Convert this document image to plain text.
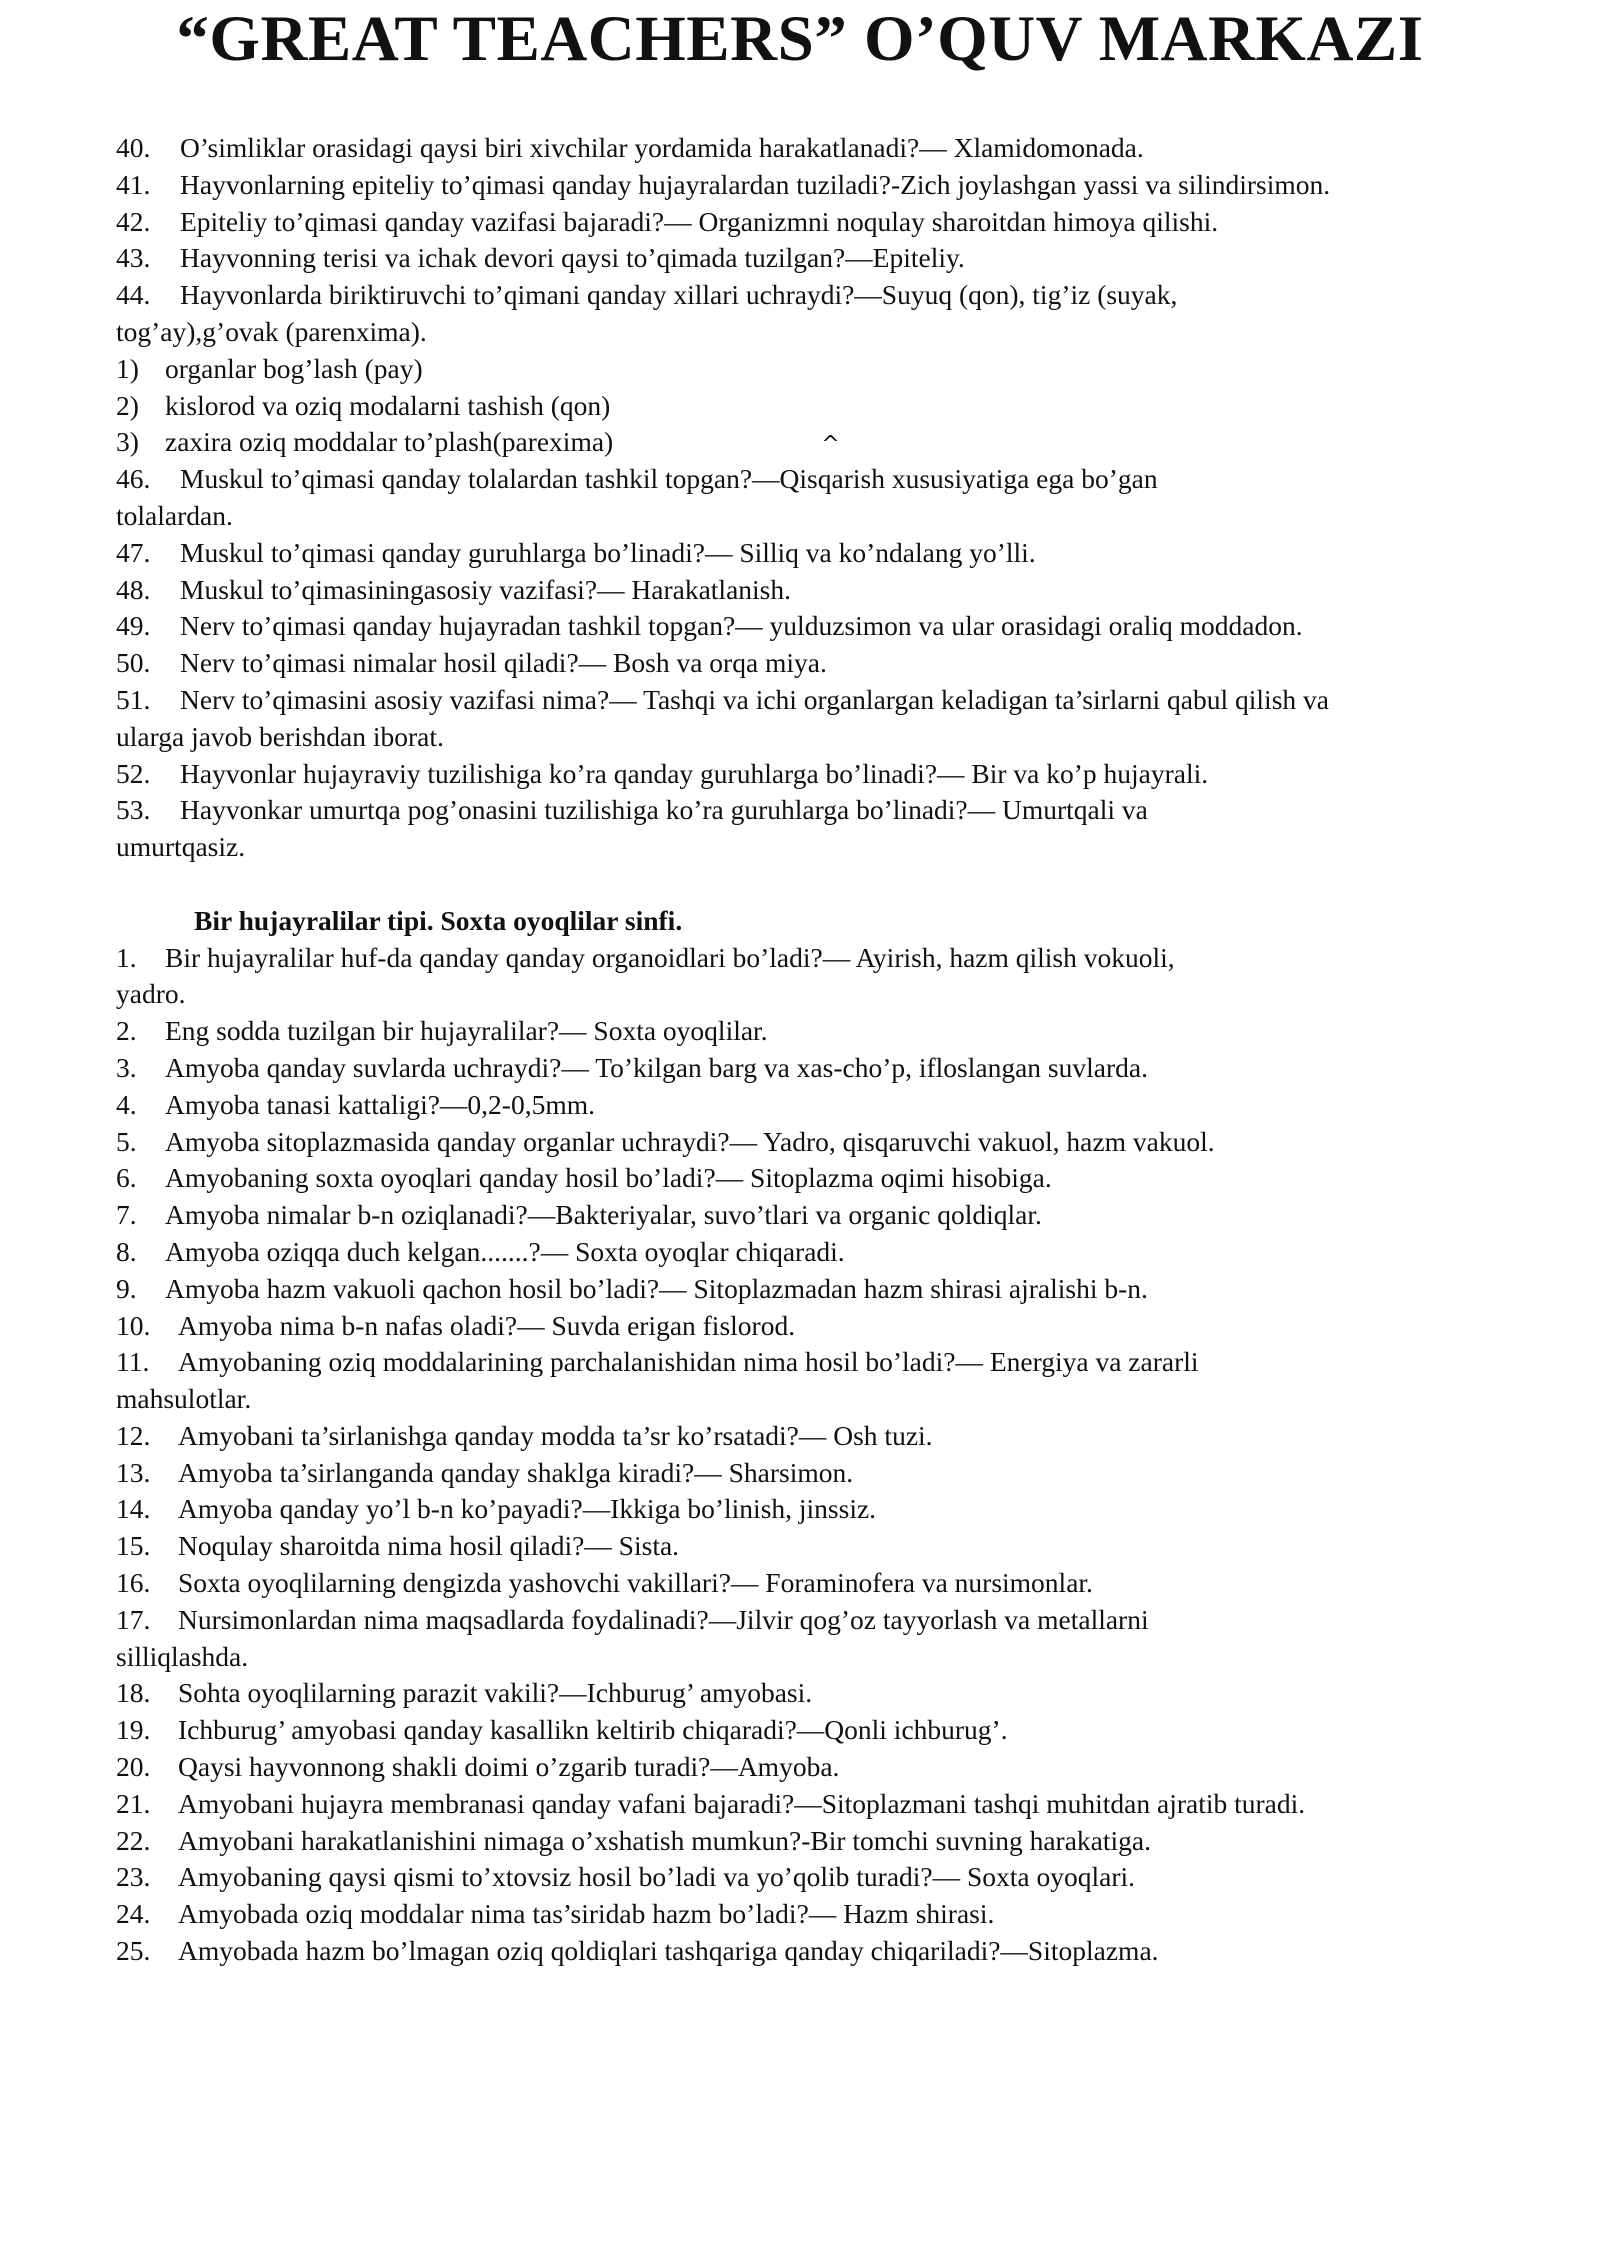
“GREAT TEACHERS” O’QUV MARKAZI
40. O’simliklar orasidagi qaysi biri xivchilar yordamida harakatlanadi?— Xlamidomonada.
41. Hayvonlarning epiteliy to’qimasi qanday hujayralardan tuziladi?-Zich joylashgan yassi va silindirsimon.
42. Epiteliy to’qimasi qanday vazifasi bajaradi?— Organizmni noqulay sharoitdan himoya qilishi.
43. Hayvonning terisi va ichak devori qaysi to’qimada tuzilgan?—Epiteliy.
44. Hayvonlarda biriktiruvchi to’qimani qanday xillari uchraydi?—Suyuq (qon), tig’iz (suyak,
tog’ay),g’ovak (parenxima).
1) organlar bog’lash (pay)
2) kislorod va oziq modalarni tashish (qon)
3) zaxira oziq moddalar to’plash(parexima)	^
46. Muskul to’qimasi qanday tolalardan tashkil topgan?—Qisqarish xususiyatiga ega bo’gan
tolalardan.
47. Muskul to’qimasi qanday guruhlarga bo’linadi?— Silliq va ko’ndalang yo’lli.
48. Muskul to’qimasiningasosiy vazifasi?— Harakatlanish.
49. Nerv to’qimasi qanday hujayradan tashkil topgan?— yulduzsimon va ular orasidagi oraliq moddadon.
50. Nerv to’qimasi nimalar hosil qiladi?— Bosh va orqa miya.
51. Nerv to’qimasini asosiy vazifasi nima?— Tashqi va ichi organlargan keladigan ta’sirlarni qabul qilish va
ularga javob berishdan iborat.
52. Hayvonlar hujayraviy tuzilishiga ko’ra qanday guruhlarga bo’linadi?— Bir va ko’p hujayrali.
53. Hayvonkar umurtqa pog’onasini tuzilishiga ko’ra guruhlarga bo’linadi?— Umurtqali va
umurtqasiz.
Bir hujayralilar tipi. Soxta oyoqlilar sinfi.
1. Bir hujayralilar huf-da qanday qanday organoidlari bo’ladi?— Ayirish, hazm qilish vokuoli,
yadro.
2. Eng sodda tuzilgan bir hujayralilar?— Soxta oyoqlilar.
3. Amyoba qanday suvlarda uchraydi?— To’kilgan barg va xas-cho’p, ifloslangan suvlarda.
4. Amyoba tanasi kattaligi?—0,2-0,5mm.
5. Amyoba sitoplazmasida qanday organlar uchraydi?— Yadro, qisqaruvchi vakuol, hazm vakuol.
6. Amyobaning soxta oyoqlari qanday hosil bo’ladi?— Sitoplazma oqimi hisobiga.
7. Amyoba nimalar b-n oziqlanadi?—Bakteriyalar, suvo’tlari va organic qoldiqlar.
8. Amyoba oziqqa duch kelgan.......?— Soxta oyoqlar chiqaradi.
9. Amyoba hazm vakuoli qachon hosil bo’ladi?— Sitoplazmadan hazm shirasi ajralishi b-n.
10. Amyoba nima b-n nafas oladi?— Suvda erigan fislorod.
11. Amyobaning oziq moddalarining parchalanishidan nima hosil bo’ladi?— Energiya va zararli
mahsulotlar.
12. Amyobani ta’sirlanishga qanday modda ta’sr ko’rsatadi?— Osh tuzi.
13. Amyoba ta’sirlanganda qanday shaklga kiradi?— Sharsimon.
14. Amyoba qanday yo’l b-n ko’payadi?—Ikkiga bo’linish, jinssiz.
15. Noqulay sharoitda nima hosil qiladi?— Sista.
16. Soxta oyoqlilarning dengizda yashovchi vakillari?— Foraminofera va nursimonlar.
17. Nursimonlardan nima maqsadlarda foydalinadi?—Jilvir qog’oz tayyorlash va metallarni
silliqlashda.
18. Sohta oyoqlilarning parazit vakili?—Ichburug’ amyobasi.
19. Ichburug’ amyobasi qanday kasallikn keltirib chiqaradi?—Qonli ichburug’.
20. Qaysi hayvonnong shakli doimi o’zgarib turadi?—Amyoba.
21. Amyobani hujayra membranasi qanday vafani bajaradi?—Sitoplazmani tashqi muhitdan ajratib turadi.
22. Amyobani harakatlanishini nimaga o’xshatish mumkun?-Bir tomchi suvning harakatiga.
23. Amyobaning qaysi qismi to’xtovsiz hosil bo’ladi va yo’qolib turadi?— Soxta oyoqlari.
24. Amyobada oziq moddalar nima tas’siridab hazm bo’ladi?— Hazm shirasi.
25. Amyobada hazm bo’lmagan oziq qoldiqlari tashqariga qanday chiqariladi?—Sitoplazma.
